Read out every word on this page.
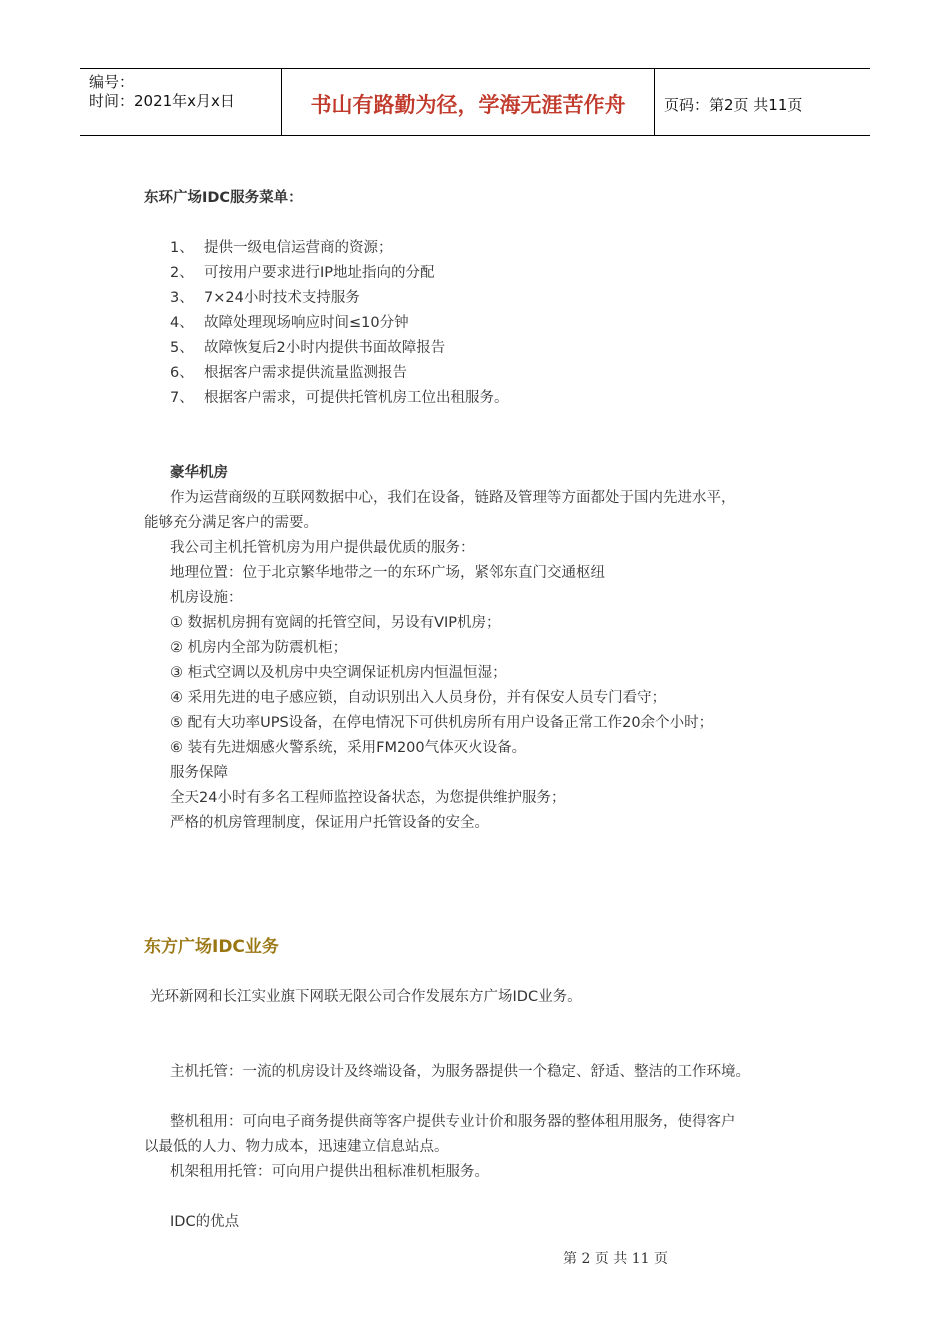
编号：
时间：2021年x月x日	书山有路勤为径，学海无涯苦作舟	页码：第2页 共11页
东环广场IDC服务菜单：
1、 提供一级电信运营商的资源；
2、 可按用户要求进行IP地址指向的分配
3、 7×24小时技术支持服务
4、 故障处理现场响应时间≤10分钟
5、 故障恢复后2小时内提供书面故障报告
6、 根据客户需求提供流量监测报告
7、 根据客户需求，可提供托管机房工位出租服务。
豪华机房
作为运营商级的互联网数据中心，我们在设备，链路及管理等方面都处于国内先进水平，
能够充分满足客户的需要。
我公司主机托管机房为用户提供最优质的服务：
地理位置：位于北京繁华地带之一的东环广场，紧邻东直门交通枢纽
机房设施：
① 数据机房拥有宽阔的托管空间，另设有VIP机房；
② 机房内全部为防震机柜；
③ 柜式空调以及机房中央空调保证机房内恒温恒湿；
④ 采用先进的电子感应锁，自动识别出入人员身份，并有保安人员专门看守；
⑤ 配有大功率UPS设备，在停电情况下可供机房所有用户设备正常工作20余个小时；
⑥ 装有先进烟感火警系统，采用FM200气体灭火设备。
服务保障
全天24小时有多名工程师监控设备状态，为您提供维护服务；
严格的机房管理制度，保证用户托管设备的安全。
东方广场IDC业务
光环新网和长江实业旗下网联无限公司合作发展东方广场IDC业务。
主机托管：一流的机房设计及终端设备，为服务器提供一个稳定、舒适、整洁的工作环境。
整机租用：可向电子商务提供商等客户提供专业计价和服务器的整体租用服务，使得客户
以最低的人力、物力成本，迅速建立信息站点。
机架租用托管：可向用户提供出租标准机柜服务。
IDC的优点
第 2 页 共 11 页
